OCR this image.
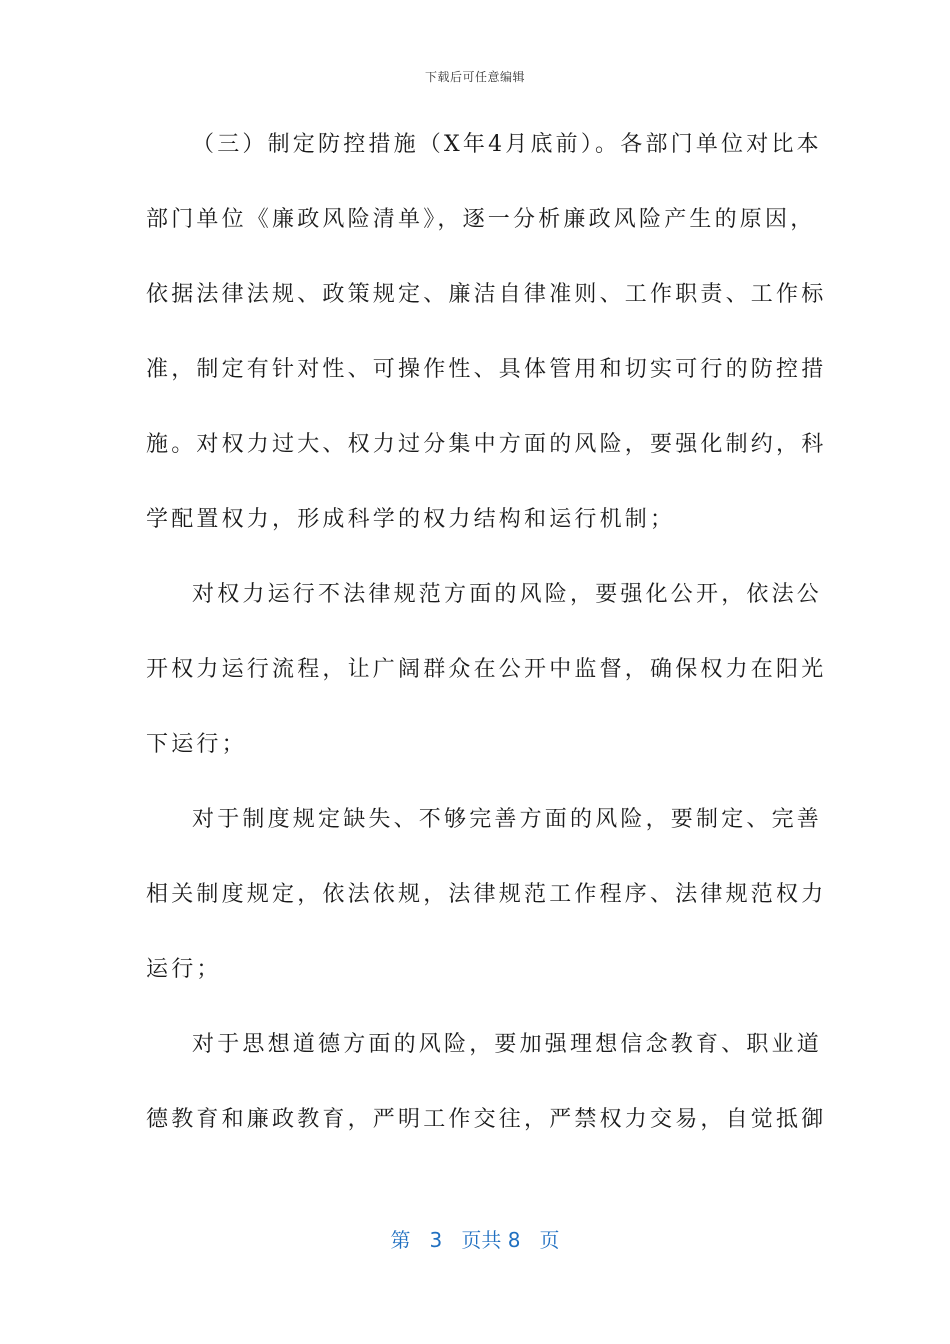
下载后可任意编辑
（三）制定防控措施（X年4月底前）。各部门单位对比本
部门单位《廉政风险清单》，逐一分析廉政风险产生的原因，
依据法律法规、政策规定、廉洁自律准则、工作职责、工作标
准，制定有针对性、可操作性、具体管用和切实可行的防控措
施。对权力过大、权力过分集中方面的风险，要强化制约，科
学配置权力，形成科学的权力结构和运行机制；
对权力运行不法律规范方面的风险，要强化公开，依法公
开权力运行流程，让广阔群众在公开中监督，确保权力在阳光
下运行；
对于制度规定缺失、不够完善方面的风险，要制定、完善
相关制度规定，依法依规，法律规范工作程序、法律规范权力
运行；
对于思想道德方面的风险，要加强理想信念教育、职业道
德教育和廉政教育，严明工作交往，严禁权力交易，自觉抵御
第 3 页共 8 页
